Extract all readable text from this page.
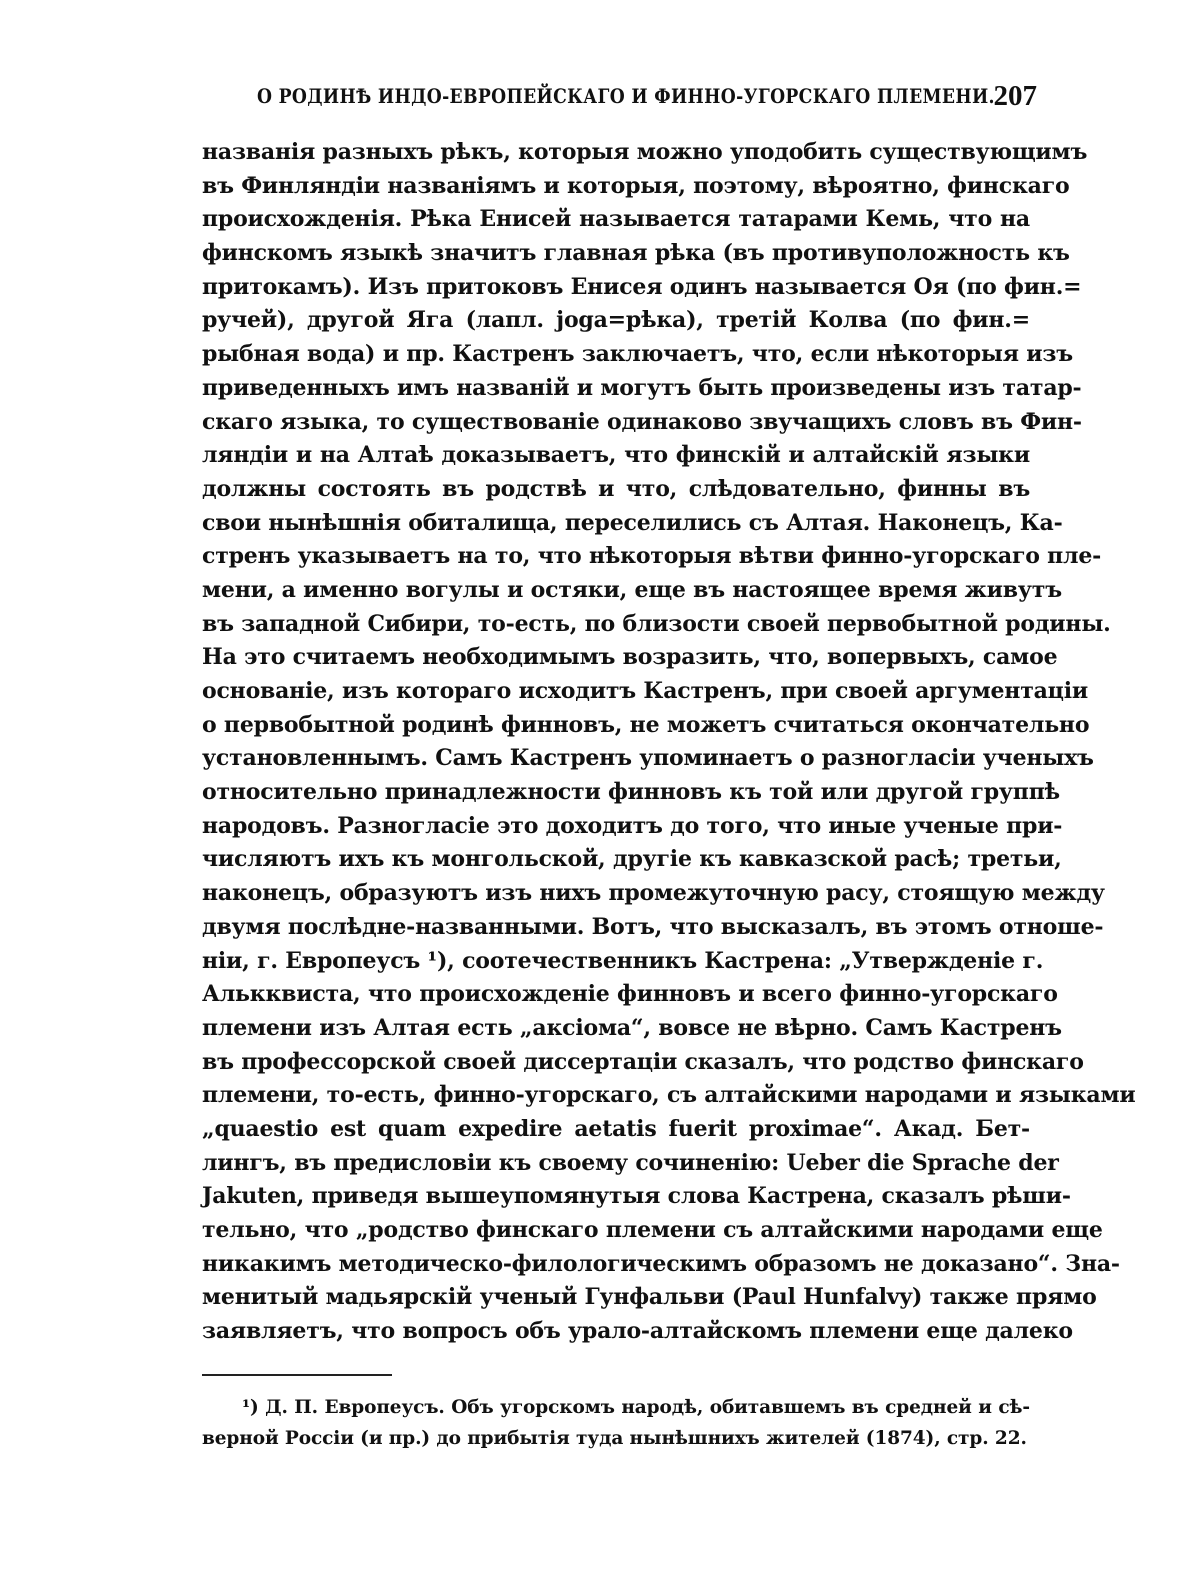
О РОДИНѢ ИНДО-ЕВРОПЕЙСКАГО И ФИННО-УГОРСКАГО ПЛЕМЕНИ.
207
названія разныхъ рѣкъ, которыя можно уподобить существующимъ
въ Финляндіи названіямъ и которыя, поэтому, вѣроятно, финскаго
происхожденія. Рѣка Енисей называется татарами Кемь, что на
финскомъ языкѣ значитъ главная рѣка (въ противуположность къ
притокамъ). Изъ притоковъ Енисея одинъ называется Оя (по фин.=
ручей), другой Яга (лапл. joga=рѣка), третій Колва (по фин.=
рыбная вода) и пр. Кастренъ заключаетъ, что, если нѣкоторыя изъ
приведенныхъ имъ названій и могутъ быть произведены изъ татар-
скаго языка, то существованіе одинаково звучащихъ словъ въ Фин-
ляндіи и на Алтаѣ доказываетъ, что финскій и алтайскій языки
должны состоять въ родствѣ и что, слѣдовательно, финны въ
свои нынѣшнія обиталища, переселились съ Алтая. Наконецъ, Ка-
стренъ указываетъ на то, что нѣкоторыя вѣтви финно-угорскаго пле-
мени, а именно вогулы и остяки, еще въ настоящее время живутъ
въ западной Сибири, то-есть, по близости своей первобытной родины.
На это считаемъ необходимымъ возразить, что, вопервыхъ, самое
основаніе, изъ котораго исходитъ Кастренъ, при своей аргументаціи
о первобытной родинѣ финновъ, не можетъ считаться окончательно
установленнымъ. Самъ Кастренъ упоминаетъ о разногласіи ученыхъ
относительно принадлежности финновъ къ той или другой группѣ
народовъ. Разногласіе это доходитъ до того, что иные ученые при-
числяютъ ихъ къ монгольской, другіе къ кавказской расѣ; третьи,
наконецъ, образуютъ изъ нихъ промежуточную расу, стоящую между
двумя послѣдне-названными. Вотъ, что высказалъ, въ этомъ отноше-
ніи, г. Европеусъ ¹), соотечественникъ Кастрена: „Утвержденіе г.
Алькквиста, что происхожденіе финновъ и всего финно-угорскаго
племени изъ Алтая есть „аксіома“, вовсе не вѣрно. Самъ Кастренъ
въ профессорской своей диссертаціи сказалъ, что родство финскаго
племени, то-есть, финно-угорскаго, съ алтайскими народами и языками
„quaestio est quam expedire aetatis fuerit proximae“. Акад. Бет-
лингъ, въ предисловіи къ своему сочиненію: Ueber die Sprache der
Jakuten, приведя вышеупомянутыя слова Кастрена, сказалъ рѣши-
тельно, что „родство финскаго племени съ алтайскими народами еще
никакимъ методическо-филологическимъ образомъ не доказано“. Зна-
менитый мадьярскій ученый Гунфальви (Paul Hunfalvy) также прямо
заявляетъ, что вопросъ объ урало-алтайскомъ племени еще далеко
¹) Д. П. Европеусъ. Объ угорскомъ народѣ, обитавшемъ въ средней и сѣ-
верной Россіи (и пр.) до прибытія туда нынѣшнихъ жителей (1874), стр. 22.
